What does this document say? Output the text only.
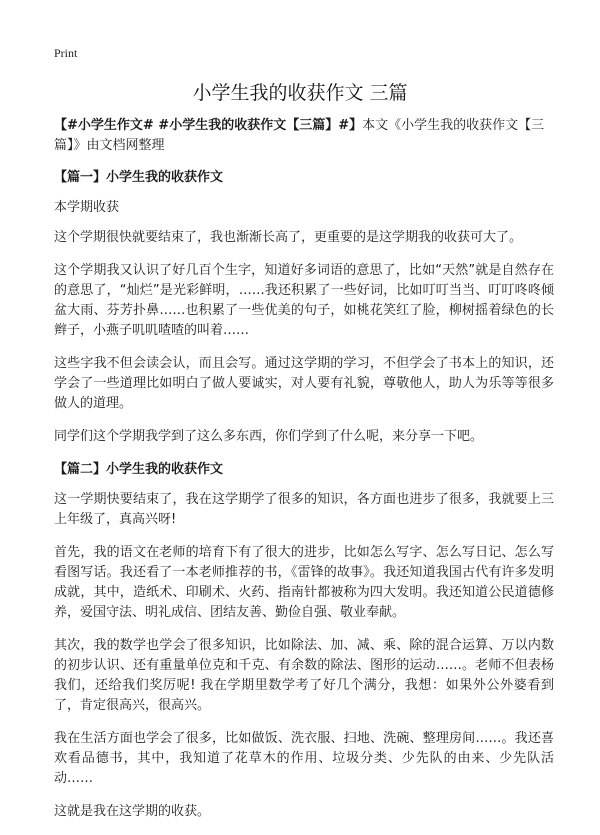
Print
小学生我的收获作文 三篇

【#小学生作文# #小学生我的收获作文【三篇】#】本文《小学生我的收获作文【三篇】》由文档网整理

【篇一】小学生我的收获作文
本学期收获

这个学期很快就要结束了，我也渐渐长高了，更重要的是这学期我的收获可大了。

这个学期我又认识了好几百个生字，知道好多词语的意思了，比如“天然”就是自然存在的意思了，“灿烂”是光彩鲜明，……我还积累了一些好词，比如叮叮当当、叮叮咚咚倾盆大雨、芬芳扑鼻……也积累了一些优美的句子，如桃花笑红了脸，柳树摇着绿色的长辫子，小燕子叽叽喳喳的叫着……

这些字我不但会读会认，而且会写。通过这学期的学习，不但学会了书本上的知识，还学会了一些道理比如明白了做人要诚实，对人要有礼貌，尊敬他人，助人为乐等等很多做人的道理。

同学们这个学期我学到了这么多东西，你们学到了什么呢，来分享一下吧。

【篇二】小学生我的收获作文

这一学期快要结束了，我在这学期学了很多的知识，各方面也进步了很多，我就要上三上年级了，真高兴呀!

首先，我的语文在老师的培育下有了很大的进步，比如怎么写字、怎么写日记、怎么写看图写话。我还看了一本老师推荐的书，《雷锋的故事》。我还知道我国古代有许多发明成就，其中，造纸术、印刷术、火药、指南针都被称为四大发明。我还知道公民道德修养，爱国守法、明礼成信、团结友善、勤俭自强、敬业奉献。

其次，我的数学也学会了很多知识，比如除法、加、减、乘、除的混合运算、万以内数的初步认识、还有重量单位克和千克、有余数的除法、图形的运动……。老师不但表杨我们，还给我们奖厉呢! 我在学期里数学考了好几个满分，我想：如果外公外婆看到了，肯定很高兴，很高兴。

我在生活方面也学会了很多，比如做饭、洗衣服、扫地、洗碗、整理房间……。我还喜欢看品德书，其中，我知道了花草木的作用、垃圾分类、少先队的由来、少先队活动……

这就是我在这学期的收获。
